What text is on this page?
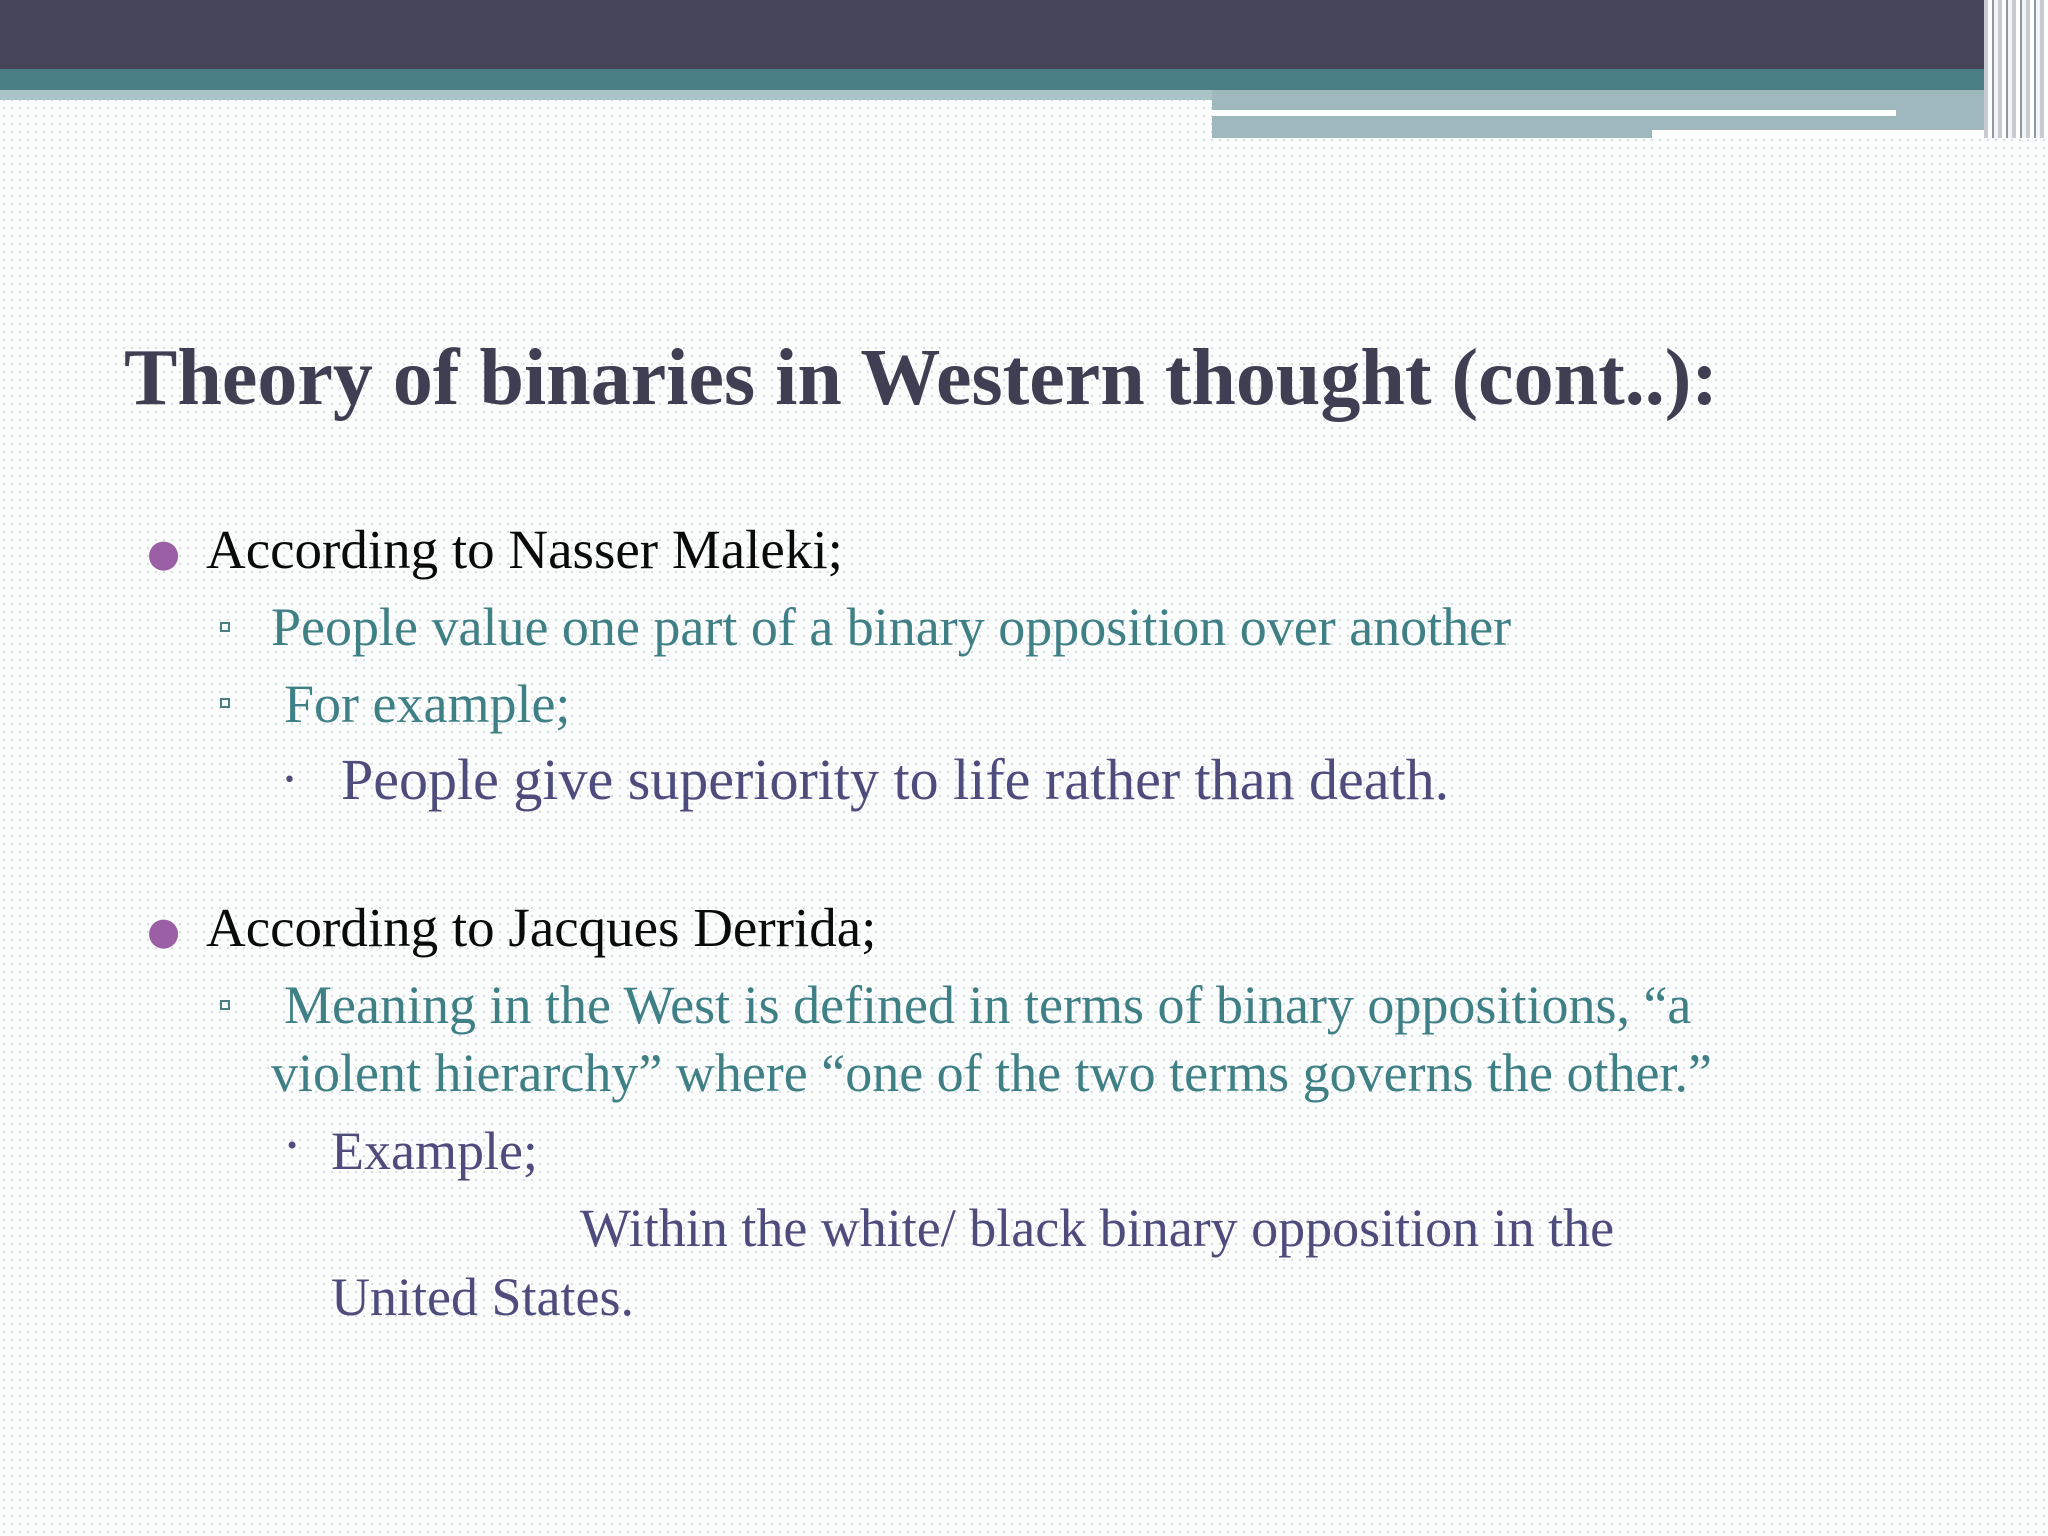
Theory of binaries in Western thought (cont..):
● According to Nasser Maleki;
People value one part of a binary opposition over another
For example;
• People give superiority to life rather than death.
● According to Jacques Derrida;
Meaning in the West is defined in terms of binary oppositions, “a
violent hierarchy” where “one of the two terms governs the other.”
• Example;
Within the white/ black binary opposition in the
United States.
